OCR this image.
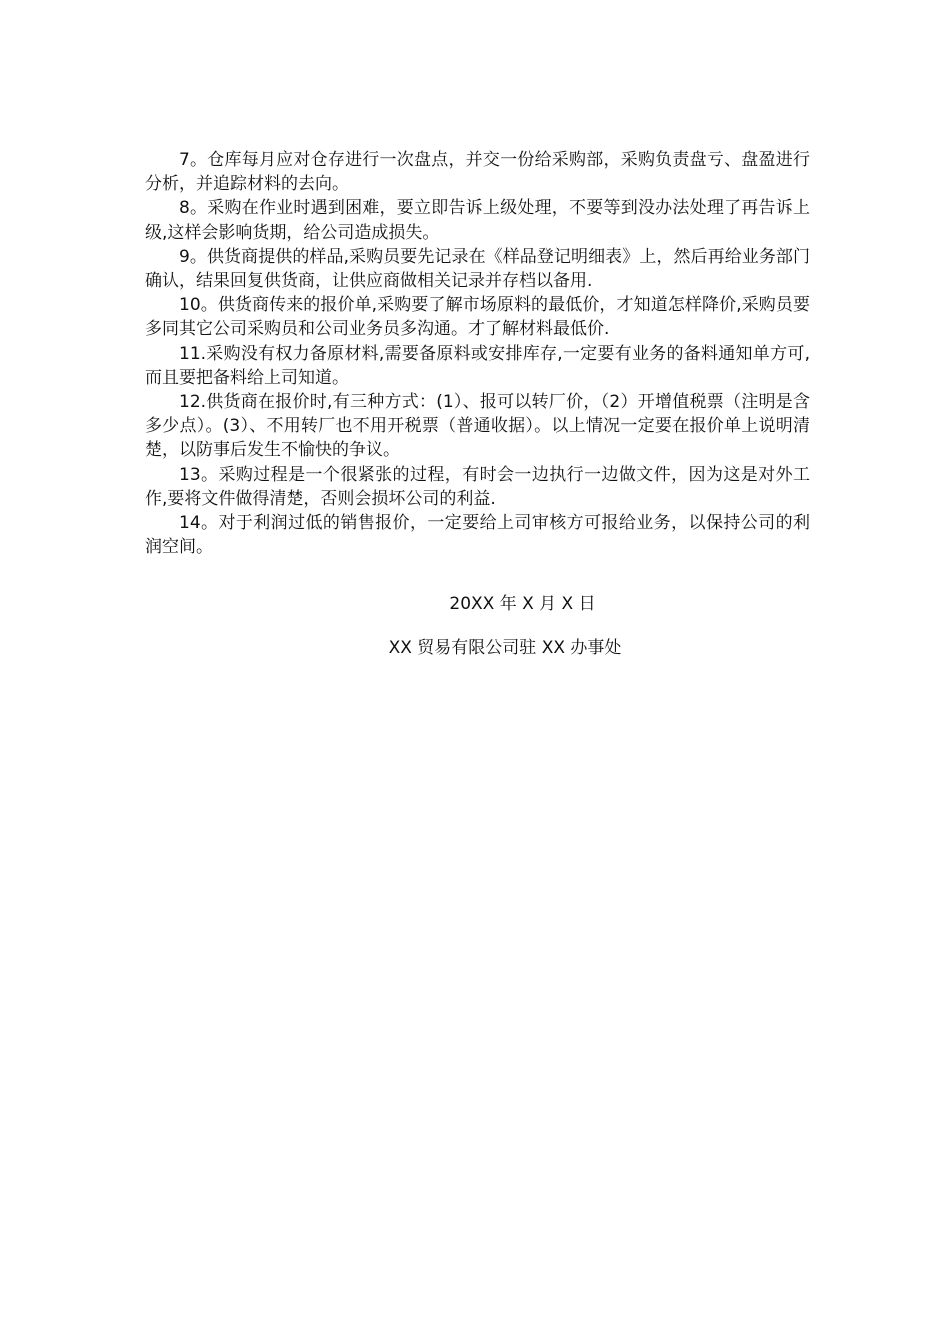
7。仓库每月应对仓存进行一次盘点，并交一份给采购部，采购负责盘亏、盘盈进行分析，并追踪材料的去向。

8。采购在作业时遇到困难，要立即告诉上级处理，不要等到没办法处理了再告诉上级,这样会影响货期，给公司造成损失。

9。供货商提供的样品,采购员要先记录在《样品登记明细表》上，然后再给业务部门确认，结果回复供货商，让供应商做相关记录并存档以备用.

10。供货商传来的报价单,采购要了解市场原料的最低价，才知道怎样降价,采购员要多同其它公司采购员和公司业务员多沟通。才了解材料最低价.

11.采购没有权力备原材料,需要备原料或安排库存,一定要有业务的备料通知单方可,而且要把备料给上司知道。

12.供货商在报价时,有三种方式：(1）、报可以转厂价，（2）开增值税票（注明是含多少点）。(3）、不用转厂也不用开税票（普通收据）。以上情况一定要在报价单上说明清楚，以防事后发生不愉快的争议。

13。采购过程是一个很紧张的过程，有时会一边执行一边做文件，因为这是对外工作,要将文件做得清楚，否则会损坏公司的利益.

14。对于利润过低的销售报价，一定要给上司审核方可报给业务，以保持公司的利润空间。

20XX 年 X 月 X 日

XX 贸易有限公司驻 XX 办事处
